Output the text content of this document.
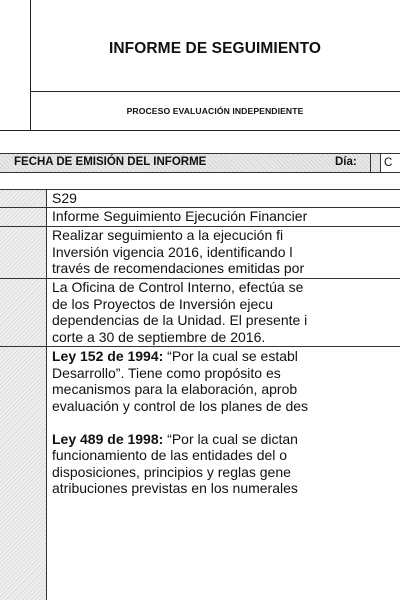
INFORME DE SEGUIMIENTO
PROCESO EVALUACIÓN INDEPENDIENTE
FECHA DE EMISIÓN DEL INFORME	Día:	C
S29
Informe Seguimiento Ejecución Financier
Realizar seguimiento a la ejecución fi
Inversión vigencia 2016, identificando l
través de recomendaciones emitidas por
La Oficina de Control Interno, efectúa se
de los Proyectos de Inversión ejecu
dependencias de la Unidad. El presente i
corte a 30 de septiembre de 2016.
Ley 152 de 1994: “Por la cual se establ
Desarrollo”. Tiene como propósito es
mecanismos para la elaboración, aprob
evaluación y control de los planes de des
Ley 489 de 1998: “Por la cual se dictan
funcionamiento de las entidades del o
disposiciones, principios y reglas gene
atribuciones previstas en los numerales
